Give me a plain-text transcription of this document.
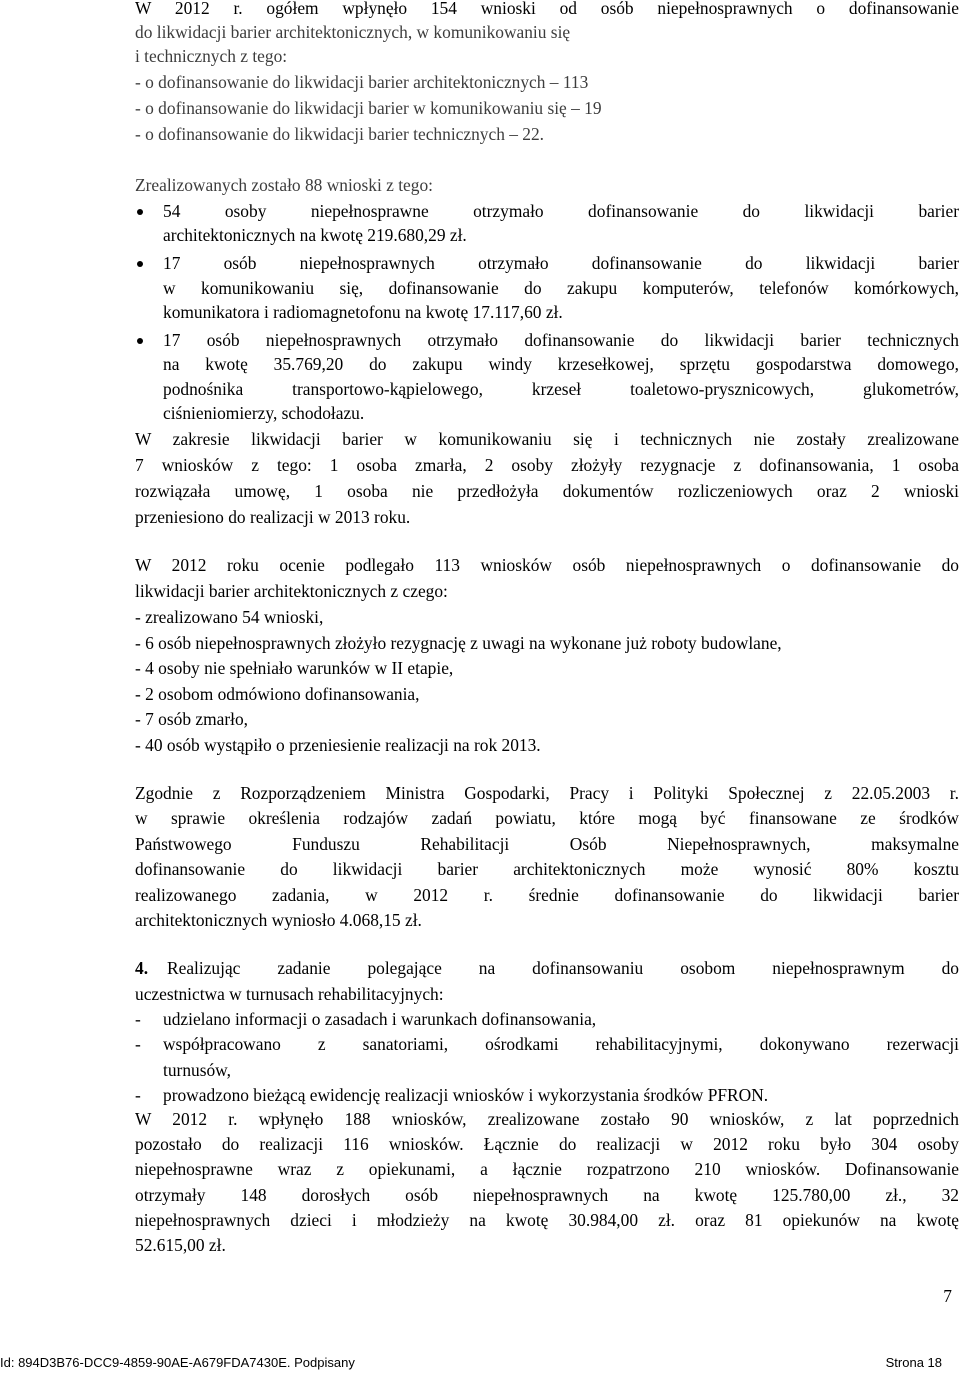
W 2012 r. ogółem wpłynęło 154 wnioski od osób niepełnosprawnych o dofinansowanie
do likwidacji barier architektonicznych, w komunikowaniu się
i technicznych z tego:
- o dofinansowanie do likwidacji barier architektonicznych – 113
- o dofinansowanie do likwidacji barier w komunikowaniu się – 19
- o dofinansowanie do likwidacji barier technicznych – 22.
Zrealizowanych zostało 88 wnioski z tego:
54 osoby niepełnosprawne otrzymało dofinansowanie do likwidacji barier
architektonicznych na kwotę 219.680,29 zł.
17 osób niepełnosprawnych otrzymało dofinansowanie do likwidacji barier
w komunikowaniu się, dofinansowanie do zakupu komputerów, telefonów komórkowych,
komunikatora i radiomagnetofonu na kwotę 17.117,60 zł.
17 osób niepełnosprawnych otrzymało dofinansowanie do likwidacji barier technicznych
na kwotę 35.769,20 do zakupu windy krzesełkowej, sprzętu gospodarstwa domowego,
podnośnika transportowo-kąpielowego, krzeseł toaletowo-prysznicowych, glukometrów,
ciśnieniomierzy, schodołazu.
W zakresie likwidacji barier w komunikowaniu się i technicznych nie zostały zrealizowane
7 wniosków z tego: 1 osoba zmarła, 2 osoby złożyły rezygnacje z dofinansowania, 1 osoba
rozwiązała umowę, 1 osoba nie przedłożyła dokumentów rozliczeniowych oraz 2 wnioski
przeniesiono do realizacji w 2013 roku.
W 2012 roku ocenie podlegało 113 wniosków osób niepełnosprawnych o dofinansowanie do
likwidacji barier architektonicznych z czego:
- zrealizowano 54 wnioski,
- 6 osób niepełnosprawnych złożyło rezygnację z uwagi na wykonane już roboty budowlane,
- 4 osoby nie spełniało warunków w II etapie,
- 2 osobom odmówiono dofinansowania,
- 7 osób zmarło,
- 40 osób wystąpiło o przeniesienie realizacji na rok 2013.
Zgodnie z Rozporządzeniem Ministra Gospodarki, Pracy i Polityki Społecznej z 22.05.2003 r.
w sprawie określenia rodzajów zadań powiatu, które mogą być finansowane ze środków
Państwowego Funduszu Rehabilitacji Osób Niepełnosprawnych, maksymalne
dofinansowanie do likwidacji barier architektonicznych może wynosić 80% kosztu
realizowanego zadania, w 2012 r. średnie dofinansowanie do likwidacji barier
architektonicznych wyniosło 4.068,15 zł.
4. Realizując zadanie polegające na dofinansowaniu osobom niepełnosprawnym do
uczestnictwa w turnusach rehabilitacyjnych:
- udzielano informacji o zasadach i warunkach dofinansowania,
- współpracowano z sanatoriami, ośrodkami rehabilitacyjnymi, dokonywano rezerwacji
turnusów,
- prowadzono bieżącą ewidencję realizacji wniosków i wykorzystania środków PFRON.
W 2012 r. wpłynęło 188 wniosków, zrealizowane zostało 90 wniosków, z lat poprzednich
pozostało do realizacji 116 wniosków. Łącznie do realizacji w 2012 roku było 304 osoby
niepełnosprawne wraz z opiekunami, a łącznie rozpatrzono 210 wniosków. Dofinansowanie
otrzymały 148 dorosłych osób niepełnosprawnych na kwotę 125.780,00 zł., 32
niepełnosprawnych dzieci i młodzieży na kwotę 30.984,00 zł. oraz 81 opiekunów na kwotę
52.615,00 zł.
7
Id: 894D3B76-DCC9-4859-90AE-A679FDA7430E. Podpisany	Strona 18
